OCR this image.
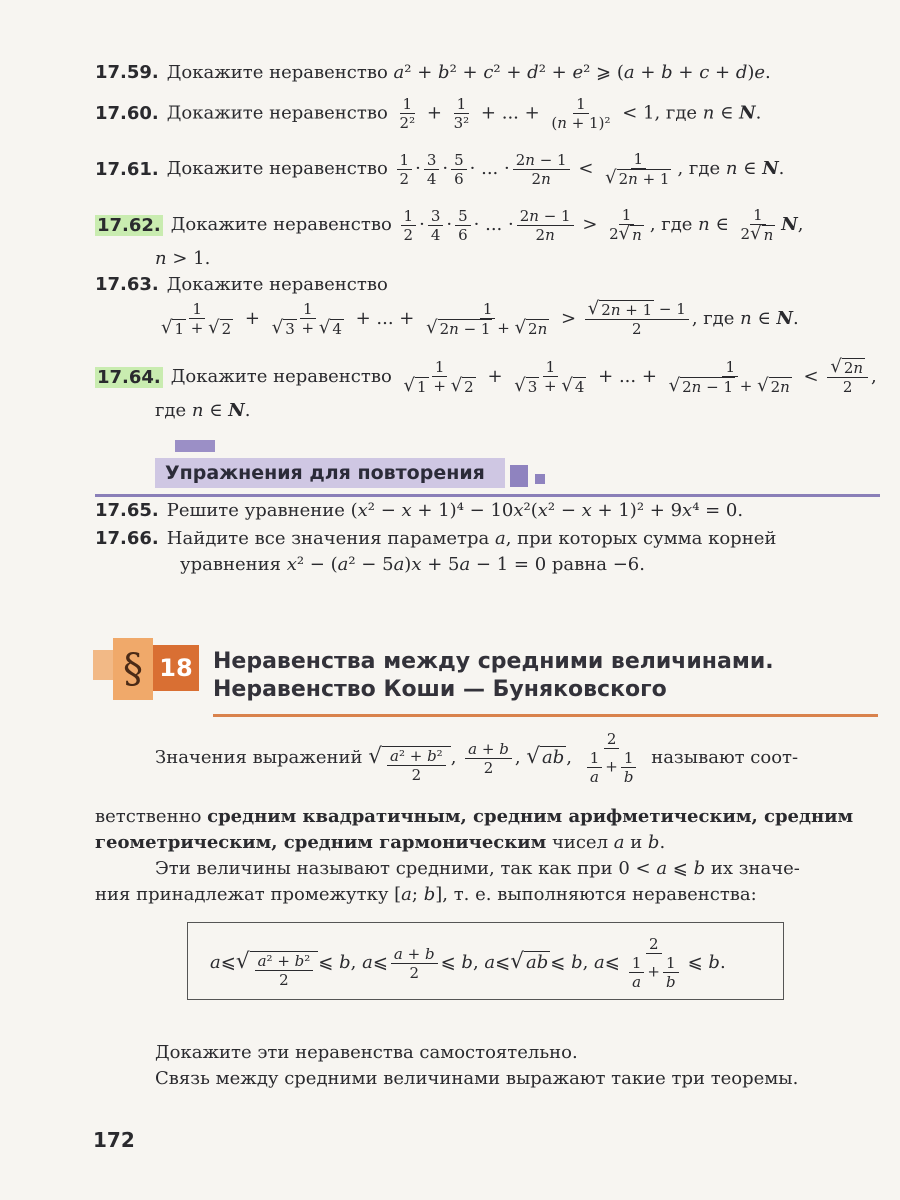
17.59. Докажите неравенство a² + b² + c² + d² + e² ⩾ (a + b + c + d)e.
17.60. Докажите неравенство $\frac{1}{\text{2²}} + \frac{1}{\text{3²}}$ + ... + $\frac{1}{\text{(n + 1)²}} < 1$, где n ∈ N.
17.61. Докажите неравенство $\frac{1}{2} \cdot \frac{3}{4} \cdot \frac{5}{6}$ · ... · $\frac{2n - 1}{2n} < \frac{1}{√ 2n + 1}$ , где n ∈ N.
17.62. Докажите неравенство $\frac{1}{2} \cdot \frac{3}{4} \cdot \frac{5}{6}$ · ... · $\frac{2n - 1}{2n} > \frac{1}{2 √ n}$ , где n ∈ $\frac{1}{2 √ n} N$,
n > 1.
17.63. Докажите неравенство
$\frac{1}{√ 1 + √ 2} + \frac{1}{√ 3 + √ 4}$ + ... + $\frac{1}{√ 2n - 1 + √ 2n} > \frac{√ 2n + 1 - 1}{2}$ , где n ∈ N.
17.64. Докажите неравенство $\frac{1}{√ 1 + √ 2} + \frac{1}{√ 3 + √ 4}$ + ... + $\frac{1}{√ 2n - 1 + √ 2n} < \frac{√ 2n}{2}$ ,
где n ∈ N.
Упражнения для повторения
17.65. Решите уравнение (x² − x + 1)⁴ − 10x²(x² − x + 1)² + 9x⁴ = 0.
17.66. Найдите все значения параметра a, при которых сумма корней
уравнения x² − (a² − 5a)x + 5a − 1 = 0 равна −6.
§ 18 Неравенства между средними величинами.
Неравенство Коши — Буняковского
Значения выражений √ $\frac{\text{a² + b²}}{2}$ , $\frac{a + b}{2}$ , √ ab , $\frac{2}{\frac{1}{a} + \frac{1}{b}}$ называют соот-
ветственно средним квадратичным, средним арифметическим, средним
геометрическим, средним гармоническим чисел a и b.
Эти величины называют средними, так как при 0 < a ⩽ b их значе-
ния принадлежат промежутку [a; b], т. е. выполняются неравенства:
a⩽ √ $\frac{\text{a² + b²}}{2}$ ⩽ b, a⩽ $\frac{a + b}{2}$ ⩽ b, a⩽ √ ab ⩽ b, a⩽ $\frac{2}{\frac{1}{a} + \frac{1}{b}}$ ⩽ b.
Докажите эти неравенства самостоятельно.
Связь между средними величинами выражают такие три теоремы.
172
